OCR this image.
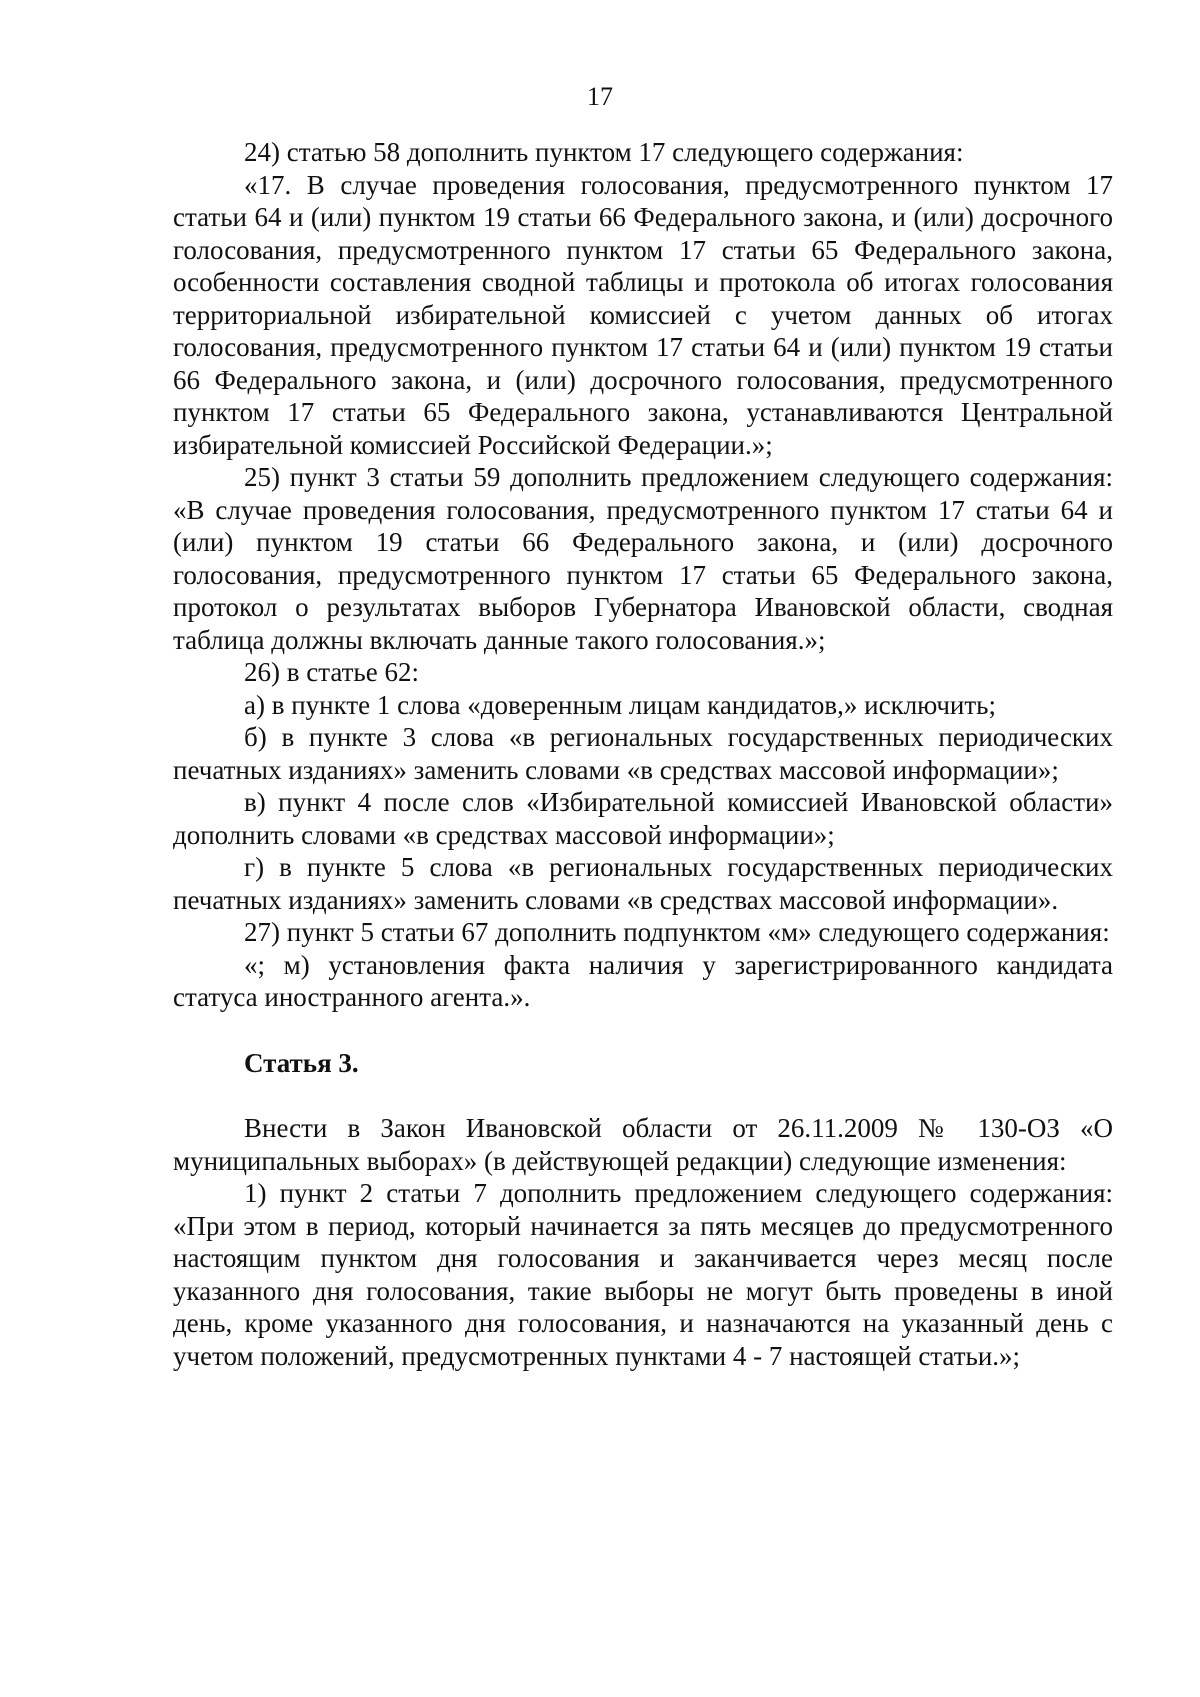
17

24) статью 58 дополнить пунктом 17 следующего содержания:

«17. В случае проведения голосования, предусмотренного пунктом 17 статьи 64 и (или) пунктом 19 статьи 66 Федерального закона, и (или) досрочного голосования, предусмотренного пунктом 17 статьи 65 Федерального закона, особенности составления сводной таблицы и протокола об итогах голосования территориальной избирательной комиссией с учетом данных об итогах голосования, предусмотренного пунктом 17 статьи 64 и (или) пунктом 19 статьи 66 Федерального закона, и (или) досрочного голосования, предусмотренного пунктом 17 статьи 65 Федерального закона, устанавливаются Центральной избирательной комиссией Российской Федерации.»;

25) пункт 3 статьи 59 дополнить предложением следующего содержания: «В случае проведения голосования, предусмотренного пунктом 17 статьи 64 и (или) пунктом 19 статьи 66 Федерального закона, и (или) досрочного голосования, предусмотренного пунктом 17 статьи 65 Федерального закона, протокол о результатах выборов Губернатора Ивановской области, сводная таблица должны включать данные такого голосования.»;

26) в статье 62:

а) в пункте 1 слова «доверенным лицам кандидатов,» исключить;

б) в пункте 3 слова «в региональных государственных периодических печатных изданиях» заменить словами «в средствах массовой информации»;

в) пункт 4 после слов «Избирательной комиссией Ивановской области» дополнить словами «в средствах массовой информации»;

г) в пункте 5 слова «в региональных государственных периодических печатных изданиях» заменить словами «в средствах массовой информации».

27) пункт 5 статьи 67 дополнить подпунктом «м» следующего содержания:

«; м) установления факта наличия у зарегистрированного кандидата статуса иностранного агента.».

Статья 3.

Внести в Закон Ивановской области от 26.11.2009 № 130-ОЗ «О муниципальных выборах» (в действующей редакции) следующие изменения:

1) пункт 2 статьи 7 дополнить предложением следующего содержания: «При этом в период, который начинается за пять месяцев до предусмотренного настоящим пунктом дня голосования и заканчивается через месяц после указанного дня голосования, такие выборы не могут быть проведены в иной день, кроме указанного дня голосования, и назначаются на указанный день с учетом положений, предусмотренных пунктами 4 - 7 настоящей статьи.»;
